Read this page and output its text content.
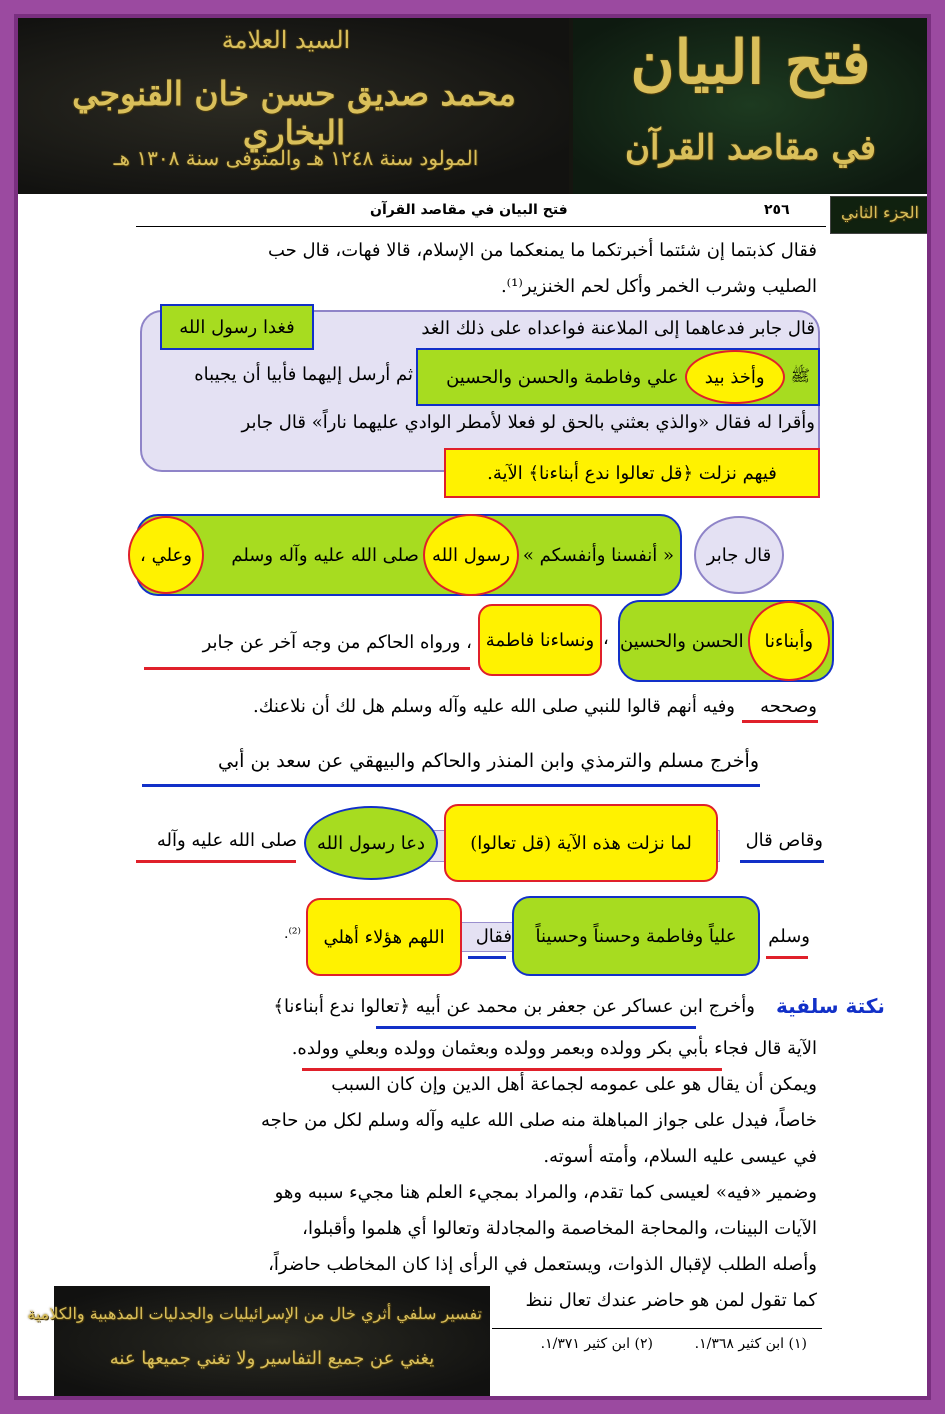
السيد العلامة
محمد صديق حسن خان القنوجي البخاري
المولود سنة ١٢٤٨ هـ والمتوفى سنة ١٣٠٨ هـ
فتح البيان
في مقاصد القرآن
الجزء الثاني
٢٥٦
فتح البيان في مقاصد القرآن
فقال كذبتما إن شئتما أخبرتكما ما يمنعكما من الإسلام، قالا فهات، قال حب
الصليب وشرب الخمر وأكل لحم الخنزير⁽¹⁾.
قال جابر فدعاهما إلى الملاعنة فواعداه على ذلك الغد
فغدا رسول الله
ﷺ
وأخذ بيد
علي وفاطمة والحسن والحسين
ثم أرسل إليهما فأبيا أن يجيباه
وأقرا له فقال «والذي بعثني بالحق لو فعلا لأمطر الوادي عليهما ناراً» قال جابر
فيهم نزلت ﴿قل تعالوا ندع أبناءنا﴾ الآية.
قال جابر
« أنفسنا وأنفسكم »
رسول الله
صلى الله عليه وآله وسلم
وعلي ،
وأبناءنا
الحسن والحسين
،
ونساءنا فاطمة
، ورواه الحاكم من وجه آخر عن جابر
وصححه
وفيه أنهم قالوا للنبي صلى الله عليه وآله وسلم هل لك أن نلاعنك.
وأخرج مسلم والترمذي وابن المنذر والحاكم والبيهقي عن سعد بن أبي
وقاص قال
لما نزلت هذه الآية (قل تعالوا)
دعا رسول الله
صلى الله عليه وآله
وسلم
علياً وفاطمة وحسناً وحسيناً
فقال
اللهم هؤلاء أهلي
⁽²⁾.
نكتة سلفية
وأخرج ابن عساكر عن جعفر بن محمد عن أبيه ﴿تعالوا ندع أبناءنا﴾
الآية قال فجاء بأبي بكر وولده وبعمر وولده وبعثمان وولده وبعلي وولده.
ويمكن أن يقال هو على عمومه لجماعة أهل الدين وإن كان السبب
خاصاً، فيدل على جواز المباهلة منه صلى الله عليه وآله وسلم لكل من حاجه
في عيسى عليه السلام، وأمته أسوته.
وضمير «فيه» لعيسى كما تقدم، والمراد بمجيء العلم هنا مجيء سببه وهو
الآيات البينات، والمحاجة المخاصمة والمجادلة وتعالوا أي هلموا وأقبلوا،
وأصله الطلب لإقبال الذوات، ويستعمل في الرأى إذا كان المخاطب حاضراً،
كما تقول لمن هو حاضر عندك تعال ننظ
(١) ابن كثير ١/٣٦٨.
(٢) ابن كثير ١/٣٧١.
تفسير سلفي أثري خال من الإسرائيليات والجدليات المذهبية والكلامية
يغني عن جميع التفاسير ولا تغني جميعها عنه
